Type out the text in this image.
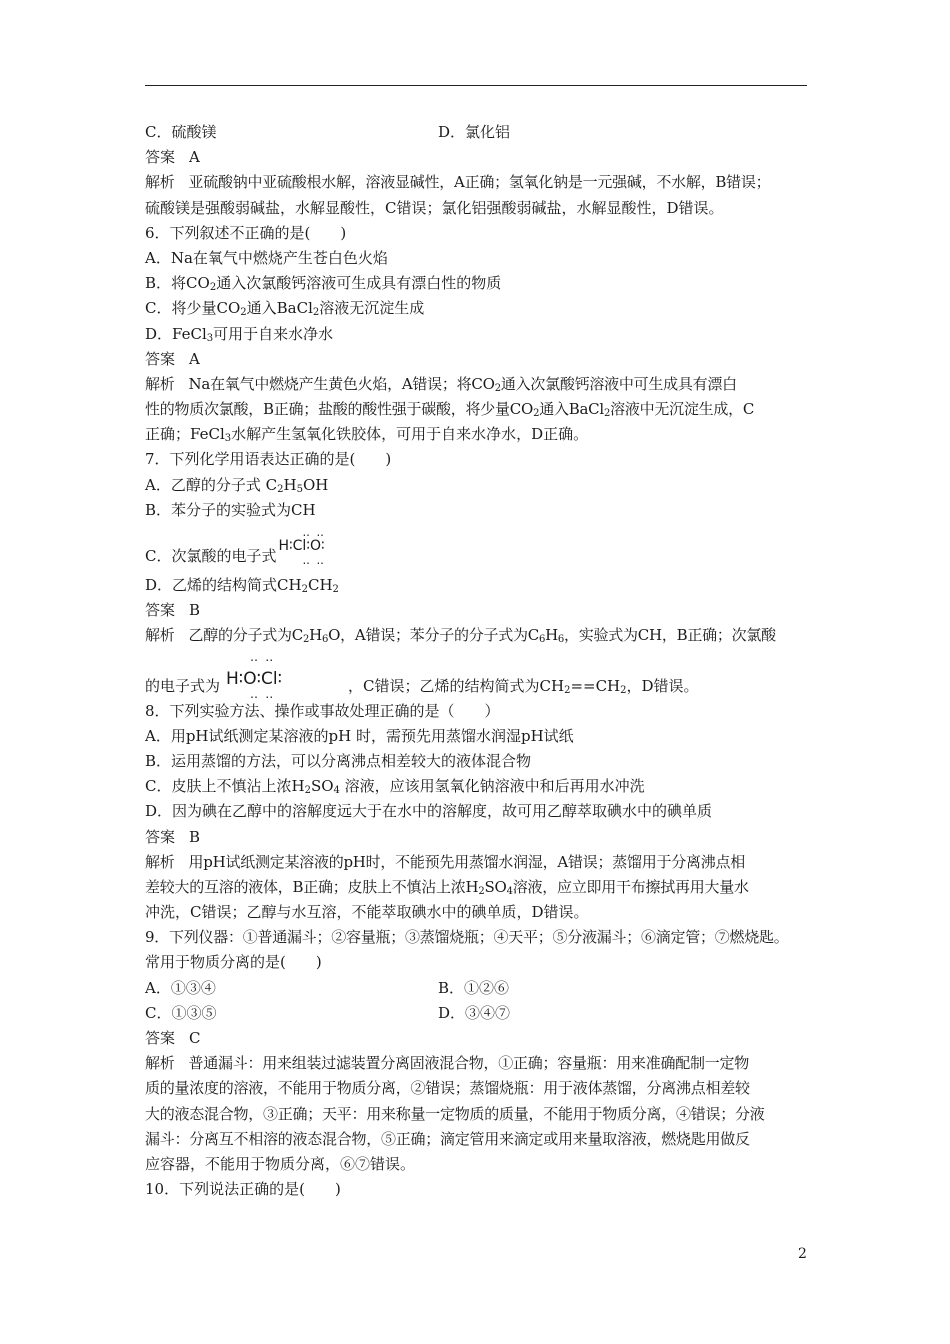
C．硫酸镁	D．氯化铝
答案 A
解析 亚硫酸钠中亚硫酸根水解，溶液显碱性，A正确；氢氧化钠是一元强碱，不水解，B错误；
硫酸镁是强酸弱碱盐，水解显酸性，C错误；氯化铝强酸弱碱盐，水解显酸性，D错误。
6．下列叙述不正确的是(　　)
A．Na在氧气中燃烧产生苍白色火焰
B．将$CO_2$通入次氯酸钙溶液可生成具有漂白性的物质
C．将少量$CO_2$通入BaCl$_2$溶液无沉淀生成
D．FeCl$_3$可用于自来水净水
答案 A
解析 Na在氧气中燃烧产生黄色火焰，A错误；将$CO_2$通入次氯酸钙溶液中可生成具有漂白
性的物质次氯酸，B正确；盐酸的酸性强于碳酸，将少量$CO_2$通入BaCl$_2$溶液中无沉淀生成，C
正确；FeCl$_3$水解产生氢氧化铁胶体，可用于自来水净水，D正确。
7．下列化学用语表达正确的是(　　)
A．乙醇的分子式 $C_2H_5OH$
B．苯分子的实验式为CH
C．次氯酸的电子式
‥ ‥
H∶Cl∶O∶
‥ ‥
D．乙烯的结构简式$CH_2CH_2$
答案 B
解析 乙醇的分子式为$C_2H_6O$，A错误；苯分子的分子式为$C_6H_6$，实验式为CH，B正确；次氯酸
的电子式为
‥ ‥
H∶O∶Cl∶
‥ ‥	，C错误；乙烯的结构简式为$CH_2==CH_2$，D错误。
8．下列实验方法、操作或事故处理正确的是（　　）
A．用pH试纸测定某溶液的pH 时，需预先用蒸馏水润湿pH试纸
B．运用蒸馏的方法，可以分离沸点相差较大的液体混合物
C．皮肤上不慎沾上浓$H_2SO_4$ 溶液，应该用氢氧化钠溶液中和后再用水冲洗
D．因为碘在乙醇中的溶解度远大于在水中的溶解度，故可用乙醇萃取碘水中的碘单质
答案 B
解析 用pH试纸测定某溶液的pH时，不能预先用蒸馏水润湿，A错误；蒸馏用于分离沸点相
差较大的互溶的液体，B正确；皮肤上不慎沾上浓$H_2SO_4$溶液，应立即用干布擦拭再用大量水
冲洗，C错误；乙醇与水互溶，不能萃取碘水中的碘单质，D错误。
9．下列仪器：①普通漏斗；②容量瓶；③蒸馏烧瓶；④天平；⑤分液漏斗；⑥滴定管；⑦燃烧匙。
常用于物质分离的是(　　)
A．①③④	B．①②⑥
C．①③⑤	D．③④⑦
答案 C
解析 普通漏斗：用来组装过滤装置分离固液混合物，①正确；容量瓶：用来准确配制一定物
质的量浓度的溶液，不能用于物质分离，②错误；蒸馏烧瓶：用于液体蒸馏，分离沸点相差较
大的液态混合物，③正确；天平：用来称量一定物质的质量，不能用于物质分离，④错误；分液
漏斗：分离互不相溶的液态混合物，⑤正确；滴定管用来滴定或用来量取溶液，燃烧匙用做反
应容器，不能用于物质分离，⑥⑦错误。
10．下列说法正确的是(　　)
2
